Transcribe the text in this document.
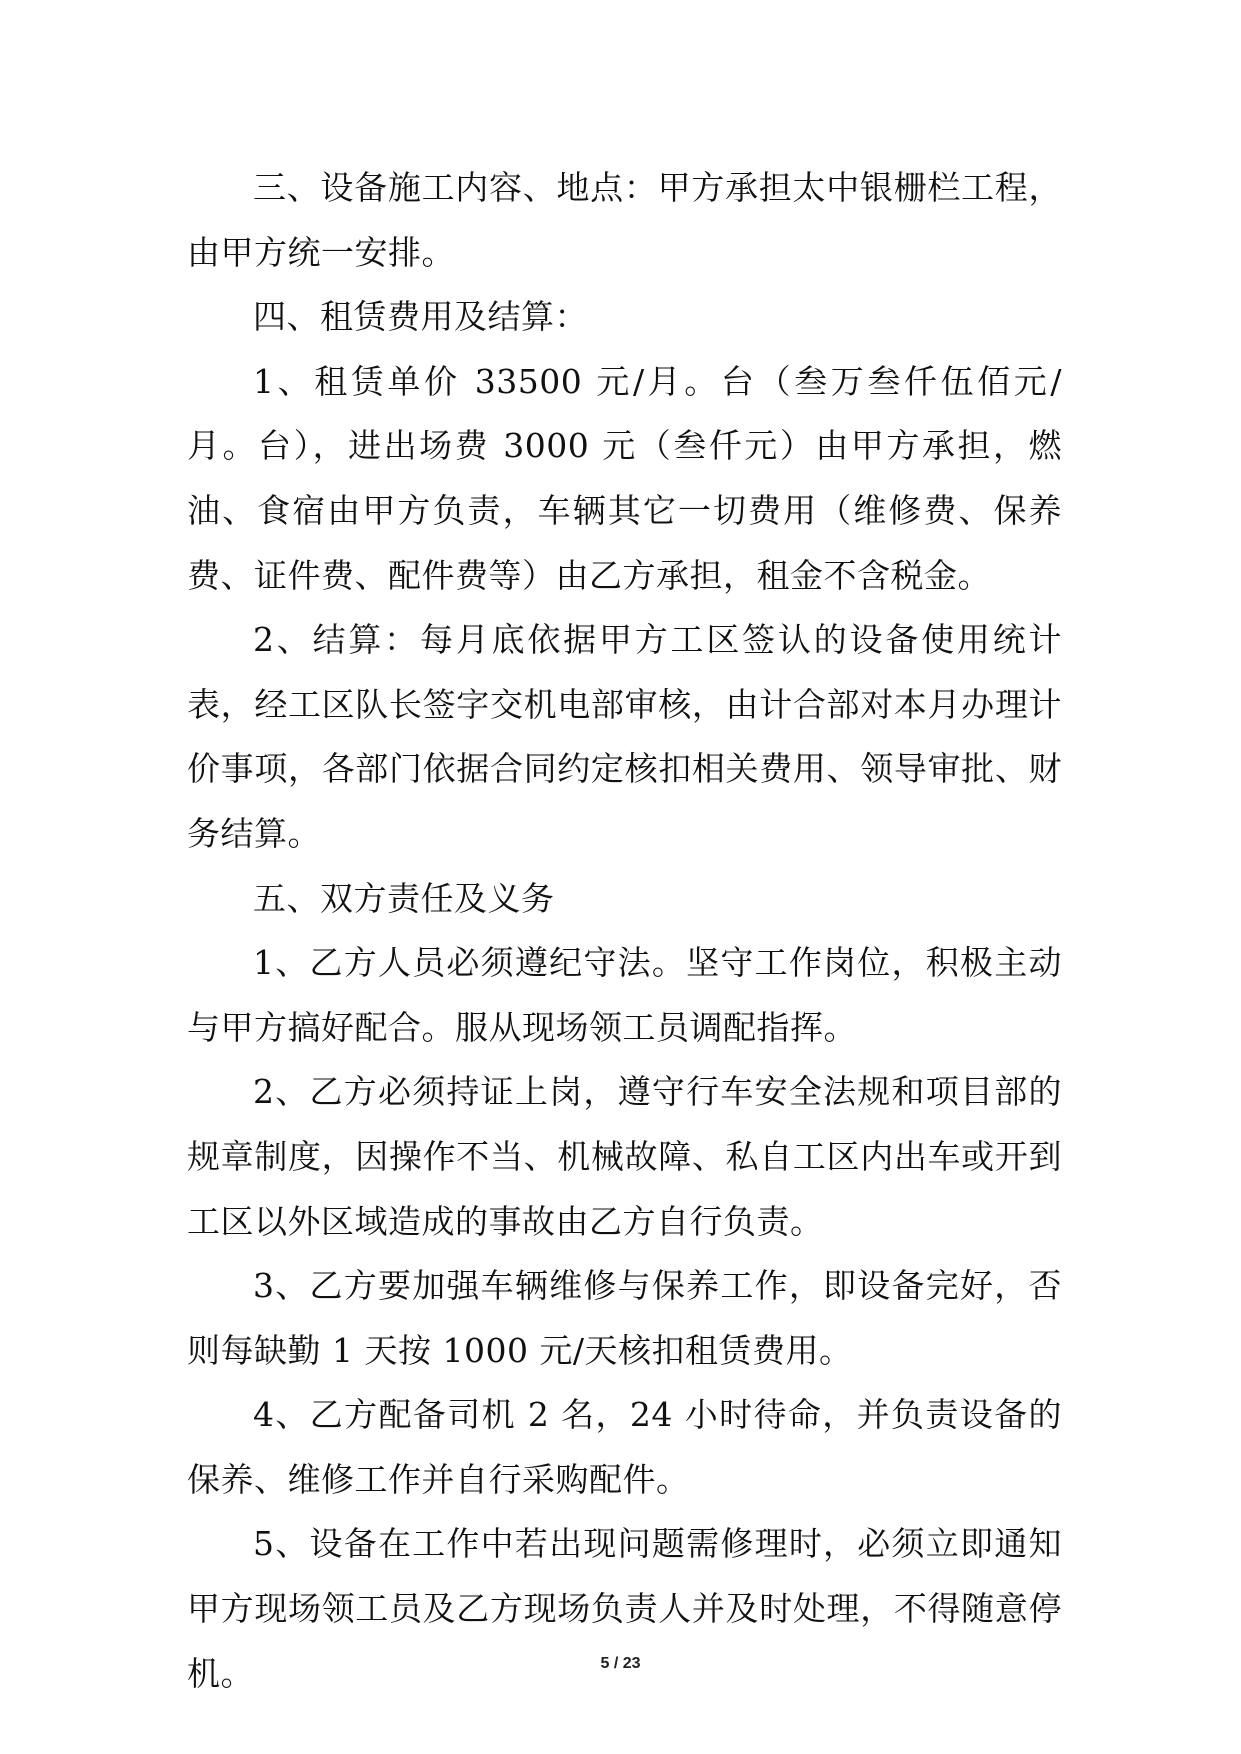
三、设备施工内容、地点：甲方承担太中银栅栏工程，由甲方统一安排。

四、租赁费用及结算：

1、租赁单价 33500 元/月。台（叁万叁仟伍佰元/月。台），进出场费 3000 元（叁仟元）由甲方承担，燃油、食宿由甲方负责，车辆其它一切费用（维修费、保养费、证件费、配件费等）由乙方承担，租金不含税金。

2、结算：每月底依据甲方工区签认的设备使用统计表，经工区队长签字交机电部审核，由计合部对本月办理计价事项，各部门依据合同约定核扣相关费用、领导审批、财务结算。

五、双方责任及义务

1、乙方人员必须遵纪守法。坚守工作岗位，积极主动与甲方搞好配合。服从现场领工员调配指挥。

2、乙方必须持证上岗，遵守行车安全法规和项目部的规章制度，因操作不当、机械故障、私自工区内出车或开到工区以外区域造成的事故由乙方自行负责。

3、乙方要加强车辆维修与保养工作，即设备完好，否则每缺勤 1 天按 1000 元/天核扣租赁费用。

4、乙方配备司机 2 名，24 小时待命，并负责设备的保养、维修工作并自行采购配件。

5、设备在工作中若出现问题需修理时，必须立即通知甲方现场领工员及乙方现场负责人并及时处理，不得随意停机。	5 / 23
